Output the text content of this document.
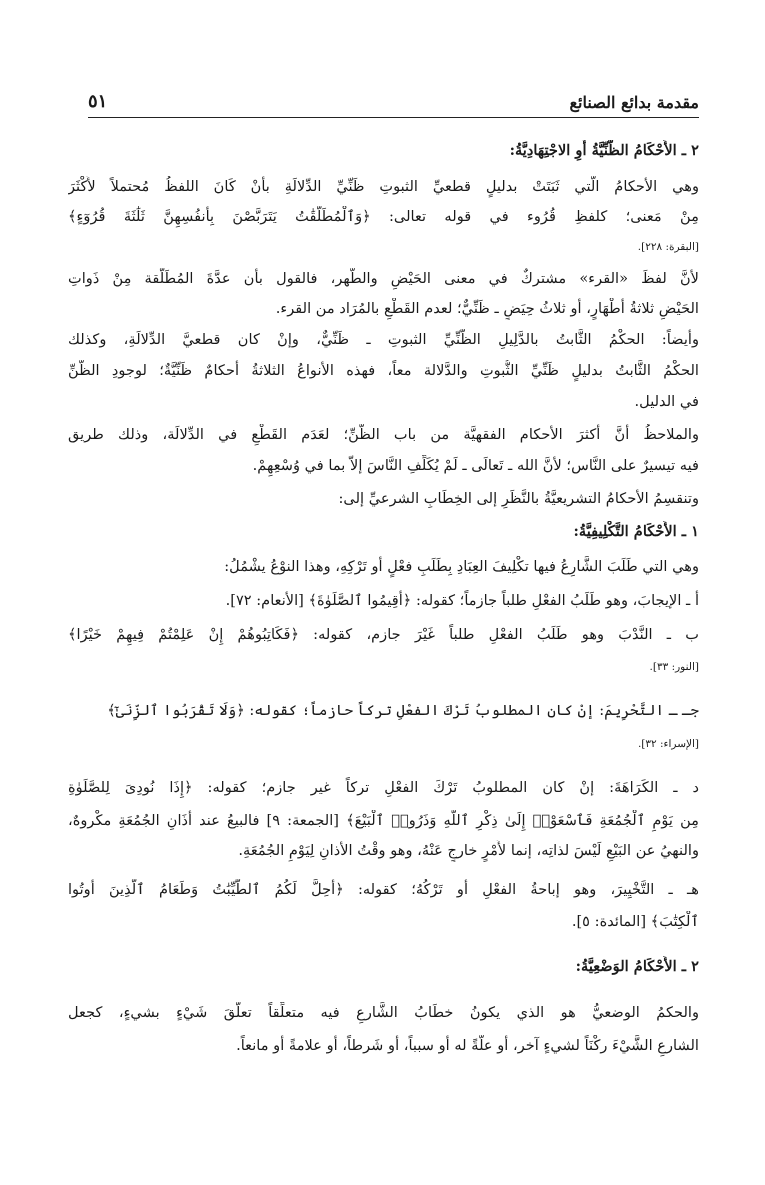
مقدمة بدائع الصنائع
٥١
٢ ـ الأَحْكَامُ الظَّنِّيَّةُ أَوِ الاجْتِهَادِيَّةُ:
وهي الأحكامُ الَّتي ثَبَتَتْ بدليلٍ قطعيِّ الثبوتِ ظَنِّيِّ الدِّلالَةِ بأَنْ كَانَ اللفظُ مُحتملاً لأَكْثَرَ
مِنْ مَعنى؛ كلفظِ قُرُوء في قوله تعالى: ﴿وَٱلْمُطَلَّقَٰتُ يَتَرَبَّصْنَ بِأَنفُسِهِنَّ ثَلَٰثَةَ قُرُوٓءٍ﴾
[البقرة: ٢٢٨].
لأنَّ لفظَ «القرء» مشتركٌ في معنى الحَيْضِ والطُّهر، فالقول بأن عدَّةَ المُطَلَّقة مِنْ ذَواتِ
الحَيْضِ ثلاثةُ أَطْهَارٍ، أو ثلاثُ حِيَضٍ ـ ظَنِّيٌّ؛ لعدم القَطْعِ بالمُرَاد من القرء.
وأيضاً: الحكْمُ الثَّابتُ بالدَّلِيلِ الظَّنِّيِّ الثبوتِ ـ ظَنِّيٌّ، وإنْ كان قطعيَّ الدِّلالَةِ، وكذلك
الحكْمُ الثَّابتُ بدليلٍ ظَنِّيِّ الثُّبوتِ والدَّلالة معاً، فهذه الأنواعُ الثلاثةُ أحكامٌ ظَنِّيَّةٌ؛ لوجودِ الظَّنِّ
في الدليل.
والملاحظُ أنَّ أكثرَ الأحكام الفقهيَّة من باب الظَّنِّ؛ لعَدَم القَطْعِ في الدِّلالَة، وذلك طريق
فيه تيسيرٌ على النَّاس؛ لأنَّ الله ـ تَعالَى ـ لَمْ يُكَلِّفِ النَّاسَ إلاَّ بما في وُسْعِهِمْ.
وتنقسِمُ الأحكامُ التشريعيَّةُ بالنَّظَرِ إلى الخِطَابِ الشرعيِّ إلى:
١ ـ الأَحْكَامُ التَّكْلِيفِيَّةُ:
وهي التي طَلَبَ الشَّارِعُ فيها تكْلِيفَ العِبَادِ بِطَلَبِ فعْلٍ أو تَرْكِهِ، وهذا النوْعُ يشْمُلُ:
أ ـ الإيجابَ، وهو طَلَبُ الفعْلِ طلباً جازماً؛ كقوله: ﴿أَقِيمُوا ٱلصَّلَوٰةَ﴾ [الأنعام: ٧٢].
ب ـ النَّدْبَ وهو طَلَبُ الفعْلِ طلباً غَيْرَ جازم، كقوله: ﴿فَكَاتِبُوهُمْ إِنْ عَلِمْتُمْ فِيهِمْ خَيْرًا﴾
[النور: ٣٣].
جـ ـ التَّحْرِيمَ: إنْ كان المطلوبُ تَرْكَ الفعْلِ تركاً حازماً؛ كقوله: ﴿وَلَا تَقْرَبُوا ٱلزِّنَىٰٓ﴾
[الإسراء: ٣٢].
د ـ الكَرَاهَةَ: إنْ كان المطلوبُ تَرْكَ الفعْلِ تركاً غير جازم؛ كقوله: ﴿إِذَا نُودِىَ لِلصَّلَوٰةِ
مِن يَوْمِ ٱلْجُمُعَةِ فَٱسْعَوْا۟ إِلَىٰ ذِكْرِ ٱللَّهِ وَذَرُوا۟ ٱلْبَيْعَ﴾ [الجمعة: ٩] فالبيعُ عند أَذَانِ الجُمُعَةِ مكْروهٌ،
والنهيُ عن البَيْعِ لَيْسَ لذاتِه، إنما لأَمْرٍ خارجٍ عَنْهُ، وهو وقْتُ الأذانِ لِيَوْمِ الجُمُعَةِ.
هـ ـ التَّخْيِيرَ، وهو إباحةُ الفعْلِ أو تَرْكُهُ؛ كقوله: ﴿أُحِلَّ لَكُمُ ٱلطَّيِّبَٰتُ وَطَعَامُ ٱلَّذِينَ أُوتُوا
ٱلْكِتَٰبَ﴾ [المائدة: ٥].
٢ ـ الأَحْكَامُ الوَضْعِيَّةُ:
والحكمُ الوضعيُّ هو الذي يكونُ خطَابُ الشَّارعِ فيه متعلِّقاً تعلُّقَ شَيْءٍ بشيءٍ، كجعل
الشارعِ الشَّيْءَ ركْنَاً لشيءٍ آخر، أو علَّةً له أو سبباً، أو شَرطاً، أو علامةً أو مانعاً.
